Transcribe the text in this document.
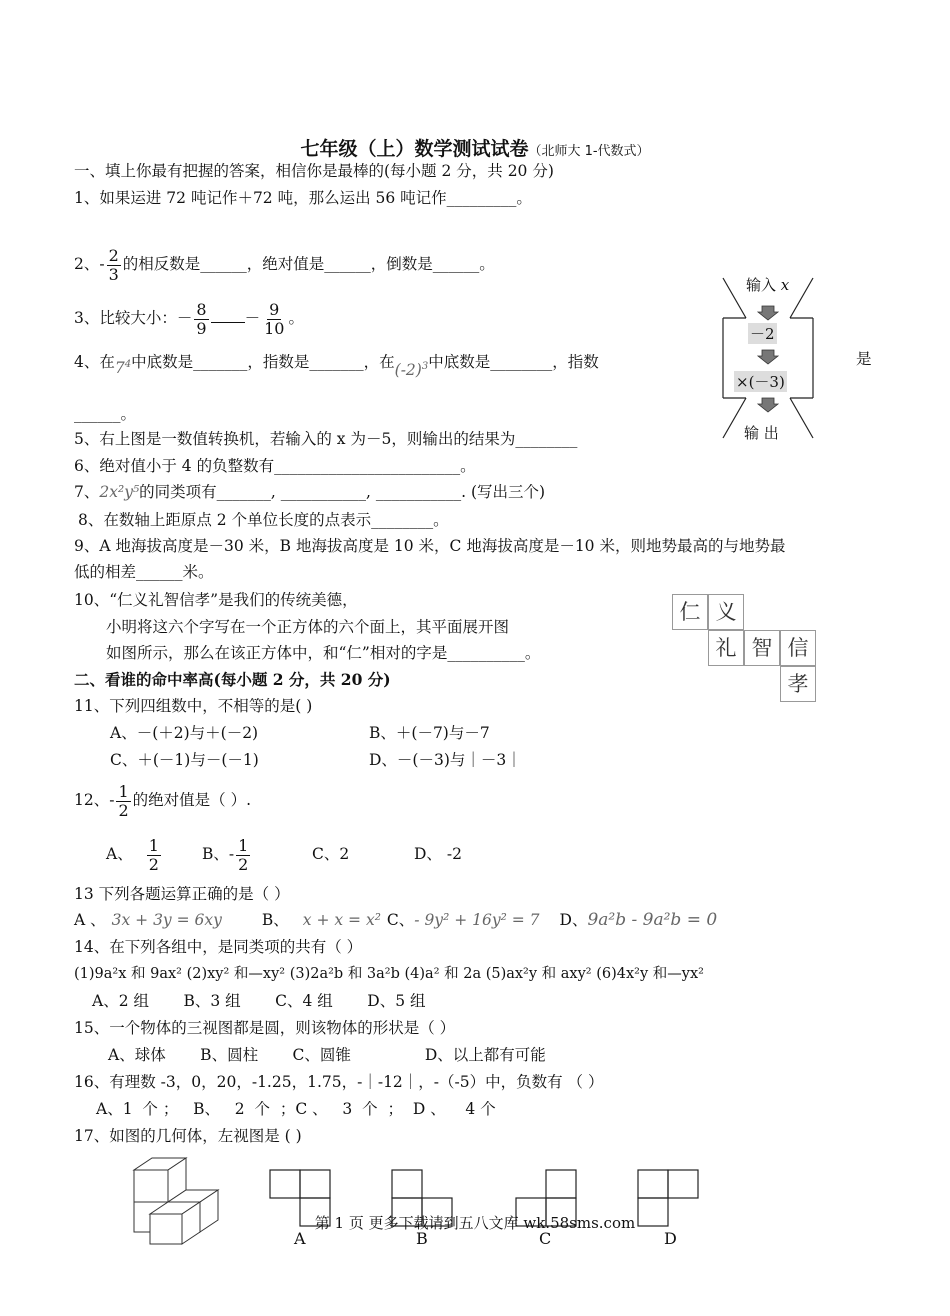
七年级（上）数学测试试卷（北师大 1-代数式）
一、填上你最有把握的答案，相信你是最棒的(每小题 2 分，共 20 分)
1、如果运进 72 吨记作＋72 吨，那么运出 56 吨记作_________。
2、- $\frac{2}{3}$ 的相反数是______，绝对值是______，倒数是______。
3、比较大小：－ $\frac{8}{9} - \frac{9}{10}$ 。
4、在$7^4$中底数是_______，指数是_______，在$(-2)^3$中底数是________，指数	是
______。
5、右上图是一数值转换机，若输入的 x 为－5，则输出的结果为________
6、绝对值小于 4 的负整数有________________________。
7、2x²y⁵的同类项有_______, ___________, ___________. (写出三个)
8、在数轴上距原点 2 个单位长度的点表示________。
9、A 地海拔高度是－30 米，B 地海拔高度是 10 米，C 地海拔高度是－10 米，则地势最高的与地势最
低的相差______米。
10、“仁义礼智信孝”是我们的传统美德，
小明将这六个字写在一个正方体的六个面上，其平面展开图
如图所示，那么在该正方体中，和“仁”相对的字是__________。
二、看谁的命中率高(每小题 2 分，共 20 分)
11、下列四组数中，不相等的是( )
A、－(＋2)与＋(－2)	B、＋(－7)与－7
C、＋(－1)与－(－1)	D、－(－3)与｜－3｜
12、- $\frac{1}{2}$ 的绝对值是（ ）.
A、 $\frac{1}{2}$	B、- $\frac{1}{2}$	C、2	D、 -2
13 下列各题运算正确的是（ ）
A 、 3x + 3y = 6xy	B、 x + x = x² C、- 9y² + 16y² = 7 D、9a²b - 9a²b = 0
14、在下列各组中，是同类项的共有（ ）
(1)9a²x 和 9ax² (2)xy² 和—xy² (3)2a²b 和 3a²b (4)a² 和 2a (5)ax²y 和 axy² (6)4x²y 和—yx²
A、2 组       B、3 组       C、4 组       D、5 组
15、一个物体的三视图都是圆，则该物体的形状是（ ）
A、球体       B、圆柱       C、圆锥               D、以上都有可能
16、有理数 -3，0，20，-1.25，1.75，-｜-12｜，-（-5）中，负数有 （ ）
A、1  个 ；   B、   2  个  ；C 、   3  个  ；  D 、    4 个
17、如图的几何体，左视图是 ( )
输入 x
－2
×(－3)
输 出
仁 义
礼 智 信
孝
第 1 页 更多下载请到五八文库 wk.58sms.com
A	B	C	D
